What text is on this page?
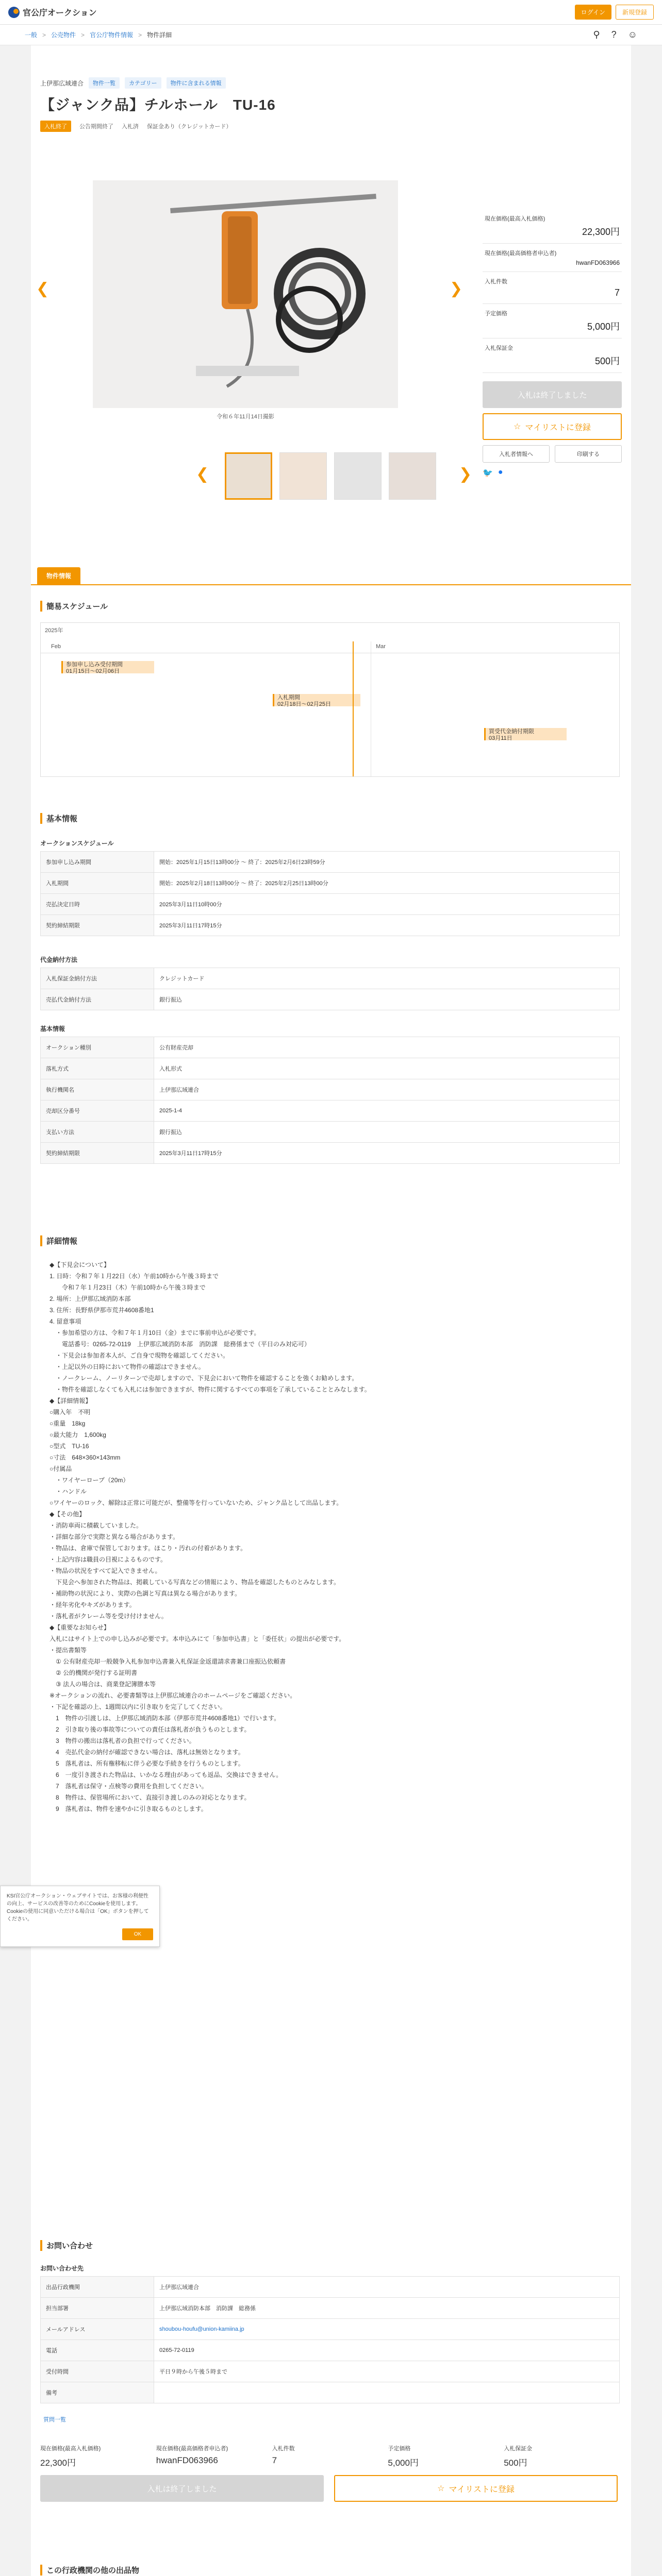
官公庁オークション	ログイン	新規登録
一般 > 公売物件 > 官公庁物件情報 > 物件詳細	⚲ ? ☺
上伊那広域連合	物件一覧	カテゴリー	物件に含まれる情報
【ジャンク品】チルホール　TU-16
入札終了	公告期間終了 入札済 保証金あり（クレジットカード）
❮	❯
令和６年11月14日撮影
❮	❯
現在価格(最高入札価格)
22,300円
現在価格(最高価格者申込者)
hwanFD063966
入札件数
7
予定価格
5,000円
入札保証金
500円
入札は終了しました
☆ マイリストに登録
入札者情報へ	印刷する
🐦 ●
物件情報
簡易スケジュール
2025年
Feb	Mar
参加申し込み受付期間
01月15日～02月06日
入札期間
02月18日～02月25日
買受代金納付期限
03月11日
基本情報
オークションスケジュール
参加申し込み期間	開始：2025年1月15日13時00分 ～ 終了：2025年2月6日23時59分
入札期間	開始：2025年2月18日13時00分 ～ 終了：2025年2月25日13時00分
売払決定日時	2025年3月11日10時00分
契約締結期限	2025年3月11日17時15分
代金納付方法
入札保証金納付方法	クレジットカード
売払代金納付方法	銀行振込
基本情報
オークション種別	公有財産売却
落札方式	入札形式
執行機関名	上伊那広域連合
売却区分番号	2025-1-4
支払い方法	銀行振込
契約締結期限	2025年3月11日17時15分
詳細情報
◆【下見会について】
1. 日時：令和７年１月22日（水）午前10時から午後３時まで
　　令和７年１月23日（木）午前10時から午後３時まで
2. 場所：上伊那広域消防本部
3. 住所：長野県伊那市荒井4608番地1
4. 留意事項
　・参加希望の方は、令和７年１月10日（金）までに事前申込が必要です。
　　電話番号：0265-72-0119　上伊那広域消防本部　消防課　総務係まで（平日のみ対応可）
　・下見会は参加者本人が、ご自身で現物を確認してください。
　・上記以外の日時において物件の確認はできません。
　・ノークレーム、ノーリターンで売却しますので、下見会において物件を確認することを強くお勧めします。
　・物件を確認しなくても入札には参加できますが、物件に関するすべての事項を了承していることとみなします。
◆【詳細情報】
○購入年　不明
○重量　18kg
○最大能力　1,600kg
○型式　TU-16
○寸法　648×360×143mm
○付属品
　・ワイヤーロープ（20m）
　・ハンドル
○ワイヤーのロック、解除は正常に可能だが、整備等を行っていないため、ジャンク品として出品します。
◆【その他】
・消防車両に積載していました。
・詳細な部分で実際と異なる場合があります。
・物品は、倉庫で保管しております。ほこり・汚れの付着があります。
・上記内容は職員の目視によるものです。
・物品の状況をすべて記入できません。
　下見会へ参加された物品は、掲載している写真などの情報により、物品を確認したものとみなします。
・補助物の状況により、実際の色調と写真は異なる場合があります。
・経年劣化やキズがあります。
・落札者がクレーム等を受け付けません。
◆【重要なお知らせ】
入札にはサイト上での申し込みが必要です。本申込みにて「参加申込書」と「委任状」の提出が必要です。
・提出書類等
　① 公有財産売却一般競争入札参加申込書兼入札保証金返還請求書兼口座振込依頼書
　② 公的機関が発行する証明書
　③ 法人の場合は、商業登記簿謄本等
※オークションの流れ、必要書類等は上伊那広域連合のホームページをご確認ください。
・下記を確認の上、1週間以内に引き取りを完了してください。
　1　物件の引渡しは、上伊那広域消防本部（伊那市荒井4608番地1）で行います。
　2　引き取り後の事故等についての責任は落札者が負うものとします。
　3　物件の搬出は落札者の負担で行ってください。
　4　売払代金の納付が確認できない場合は、落札は無効となります。
　5　落札者は、所有権移転に伴う必要な手続きを行うものとします。
　6　一度引き渡された物品は、いかなる理由があっても返品、交換はできません。
　7　落札者は保守・点検等の費用を負担してください。
　8　物件は、保管場所において、直接引き渡しのみの対応となります。
　9　落札者は、物件を速やかに引き取るものとします。
お問い合わせ
お問い合わせ先
出品行政機関	上伊那広域連合
担当部署	上伊那広域消防本部　消防課　総務係
メールアドレス	shoubou-houfu@union-kamiina.jp
電話	0265-72-0119
受付時間	平日９時から午後５時まで
備考	
質問一覧
現在価格(最高入札価格)
22,300円
現在価格(最高価格者申込者)
hwanFD063966
入札件数
7
予定価格
5,000円
入札保証金
500円
入札は終了しました	☆ マイリストに登録
この行政機関の他の出品物
KSI官公庁オークション・ウェブサイトでは、お客様の利便性の向上、サービスの改善等のためにCookieを使用します。Cookieの使用に同意いただける場合は「OK」ボタンを押してください。
OK
